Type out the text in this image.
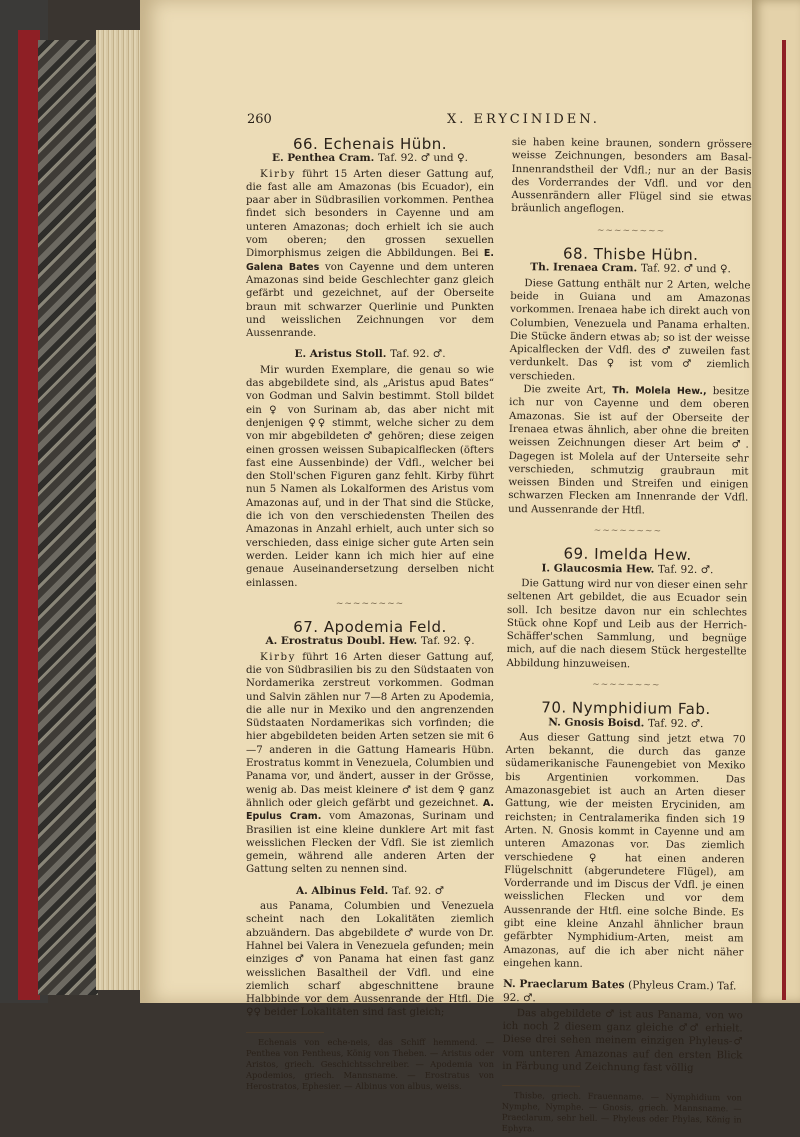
260	X. ERYCINIDEN.
66. Echenais Hübn.
E. Penthea Cram. Taf. 92. ♂ und ♀.

Kirby führt 15 Arten dieser Gattung auf, die fast alle am Amazonas (bis Ecuador), ein paar aber in Südbrasilien vorkommen. Penthea findet sich besonders in Cayenne und am unteren Amazonas; doch erhielt ich sie auch vom oberen; den grossen sexuellen Dimorphismus zeigen die Abbildungen. Bei E. Galena Bates von Cayenne und dem unteren Amazonas sind beide Geschlechter ganz gleich gefärbt und gezeichnet, auf der Oberseite braun mit schwarzer Querlinie und Punkten und weisslichen Zeichnungen vor dem Aussenrande.

E. Aristus Stoll. Taf. 92. ♂.

Mir wurden Exemplare, die genau so wie das abgebildete sind, als „Aristus apud Bates“ von Godman und Salvin bestimmt. Stoll bildet ein ♀ von Surinam ab, das aber nicht mit denjenigen ♀♀ stimmt, welche sicher zu dem von mir abgebildeten ♂ gehören; diese zeigen einen grossen weissen Subapicalflecken (öfters fast eine Aussenbinde) der Vdfl., welcher bei den Stoll'schen Figuren ganz fehlt. Kirby führt nun 5 Namen als Lokalformen des Aristus vom Amazonas auf, und in der That sind die Stücke, die ich von den verschiedensten Theilen des Amazonas in Anzahl erhielt, auch unter sich so verschieden, dass einige sicher gute Arten sein werden. Leider kann ich mich hier auf eine genaue Auseinandersetzung derselben nicht einlassen.

~~~~~~~~
67. Apodemia Feld.
A. Erostratus Doubl. Hew. Taf. 92. ♀.

Kirby führt 16 Arten dieser Gattung auf, die von Südbrasilien bis zu den Südstaaten von Nordamerika zerstreut vorkommen. Godman und Salvin zählen nur 7—8 Arten zu Apodemia, die alle nur in Mexiko und den angrenzenden Südstaaten Nordamerikas sich vorfinden; die hier abgebildeten beiden Arten setzen sie mit 6—7 anderen in die Gattung Hamearis Hübn. Erostratus kommt in Venezuela, Columbien und Panama vor, und ändert, ausser in der Grösse, wenig ab. Das meist kleinere ♂ ist dem ♀ ganz ähnlich oder gleich gefärbt und gezeichnet. A. Epulus Cram. vom Amazonas, Surinam und Brasilien ist eine kleine dunklere Art mit fast weisslichen Flecken der Vdfl. Sie ist ziemlich gemein, während alle anderen Arten der Gattung selten zu nennen sind.

A. Albinus Feld. Taf. 92. ♂

aus Panama, Columbien und Venezuela scheint nach den Lokalitäten ziemlich abzuändern. Das abgebildete ♂ wurde von Dr. Hahnel bei Valera in Venezuela gefunden; mein einziges ♂ von Panama hat einen fast ganz weisslichen Basaltheil der Vdfl. und eine ziemlich scharf abgeschnittene braune Halbbinde vor dem Aussenrande der Htfl. Die ♀♀ beider Lokalitäten sind fast gleich;

Echenais von eche-neis, das Schiff hemmend. — Penthea von Pentheus, König von Theben. — Aristus oder Aristos, griech. Geschichtsschreiber. — Apodemia von Apodemios, griech. Mannsname. — Erostratus von Herostratos, Ephesier. — Albinus von albus, weiss.

sie haben keine braunen, sondern grössere weisse Zeichnungen, besonders am Basal-Innenrandstheil der Vdfl.; nur an der Basis des Vorderrandes der Vdfl. und vor den Aussenrändern aller Flügel sind sie etwas bräunlich angeflogen.

~~~~~~~~
68. Thisbe Hübn.
Th. Irenaea Cram. Taf. 92. ♂ und ♀.

Diese Gattung enthält nur 2 Arten, welche beide in Guiana und am Amazonas vorkommen. Irenaea habe ich direkt auch von Columbien, Venezuela und Panama erhalten. Die Stücke ändern etwas ab; so ist der weisse Apicalflecken der Vdfl. des ♂ zuweilen fast verdunkelt. Das ♀ ist vom ♂ ziemlich verschieden.

Die zweite Art, Th. Molela Hew., besitze ich nur von Cayenne und dem oberen Amazonas. Sie ist auf der Oberseite der Irenaea etwas ähnlich, aber ohne die breiten weissen Zeichnungen dieser Art beim ♂. Dagegen ist Molela auf der Unterseite sehr verschieden, schmutzig graubraun mit weissen Binden und Streifen und einigen schwarzen Flecken am Innenrande der Vdfl. und Aussenrande der Htfl.

~~~~~~~~
69. Imelda Hew.
I. Glaucosmia Hew. Taf. 92. ♂.

Die Gattung wird nur von dieser einen sehr seltenen Art gebildet, die aus Ecuador sein soll. Ich besitze davon nur ein schlechtes Stück ohne Kopf und Leib aus der Herrich-Schäffer'schen Sammlung, und begnüge mich, auf die nach diesem Stück hergestellte Abbildung hinzuweisen.

~~~~~~~~
70. Nymphidium Fab.
N. Gnosis Boisd. Taf. 92. ♂.

Aus dieser Gattung sind jetzt etwa 70 Arten bekannt, die durch das ganze südamerikanische Faunengebiet von Mexiko bis Argentinien vorkommen. Das Amazonasgebiet ist auch an Arten dieser Gattung, wie der meisten Eryciniden, am reichsten; in Centralamerika finden sich 19 Arten. N. Gnosis kommt in Cayenne und am unteren Amazonas vor. Das ziemlich verschiedene ♀ hat einen anderen Flügelschnitt (abgerundetere Flügel), am Vorderrande und im Discus der Vdfl. je einen weisslichen Flecken und vor dem Aussenrande der Htfl. eine solche Binde. Es gibt eine kleine Anzahl ähnlicher braun gefärbter Nymphidium-Arten, meist am Amazonas, auf die ich aber nicht näher eingehen kann.

N. Praeclarum Bates (Phyleus Cram.) Taf. 92. ♂.

Das abgebildete ♂ ist aus Panama, von wo ich noch 2 diesem ganz gleiche ♂♂ erhielt. Diese drei sehen meinem einzigen Phyleus-♂ vom unteren Amazonas auf den ersten Blick in Färbung und Zeichnung fast völlig

Thisbe, griech. Frauenname. — Nymphidium von Nymphe, Nymphe. — Gnosis, griech. Mannsname. — Praeclarum, sehr hell. — Phyleus oder Phylas, König in Ephyra.
